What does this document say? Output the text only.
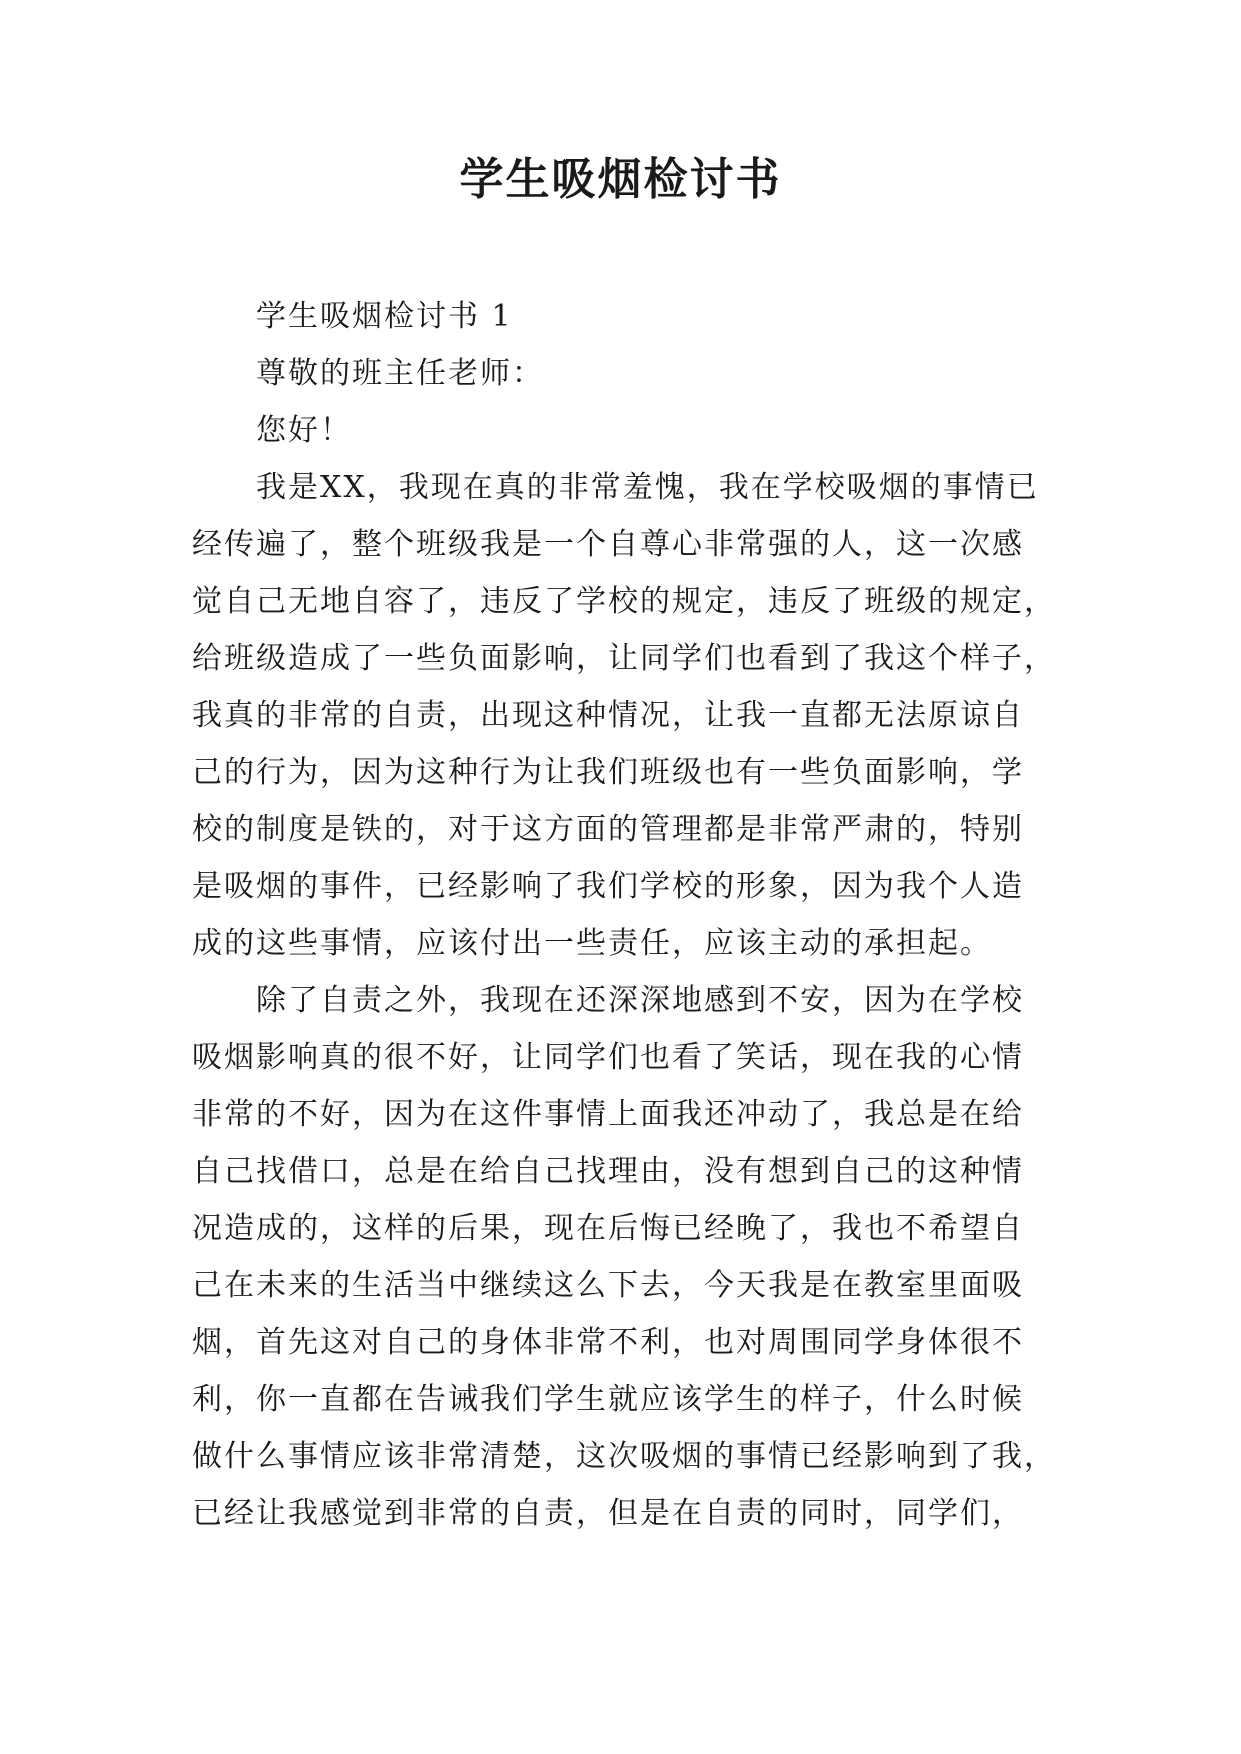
学生吸烟检讨书

学生吸烟检讨书 1

尊敬的班主任老师：

您好！

我是XX，我现在真的非常羞愧，我在学校吸烟的事情已

经传遍了，整个班级我是一个自尊心非常强的人，这一次感

觉自己无地自容了，违反了学校的规定，违反了班级的规定，

给班级造成了一些负面影响，让同学们也看到了我这个样子，

我真的非常的自责，出现这种情况，让我一直都无法原谅自

己的行为，因为这种行为让我们班级也有一些负面影响，学

校的制度是铁的，对于这方面的管理都是非常严肃的，特别

是吸烟的事件，已经影响了我们学校的形象，因为我个人造

成的这些事情，应该付出一些责任，应该主动的承担起。

除了自责之外，我现在还深深地感到不安，因为在学校

吸烟影响真的很不好，让同学们也看了笑话，现在我的心情

非常的不好，因为在这件事情上面我还冲动了，我总是在给

自己找借口，总是在给自己找理由，没有想到自己的这种情

况造成的，这样的后果，现在后悔已经晚了，我也不希望自

己在未来的生活当中继续这么下去，今天我是在教室里面吸

烟，首先这对自己的身体非常不利，也对周围同学身体很不

利，你一直都在告诫我们学生就应该学生的样子，什么时候

做什么事情应该非常清楚，这次吸烟的事情已经影响到了我，

已经让我感觉到非常的自责，但是在自责的同时，同学们，
